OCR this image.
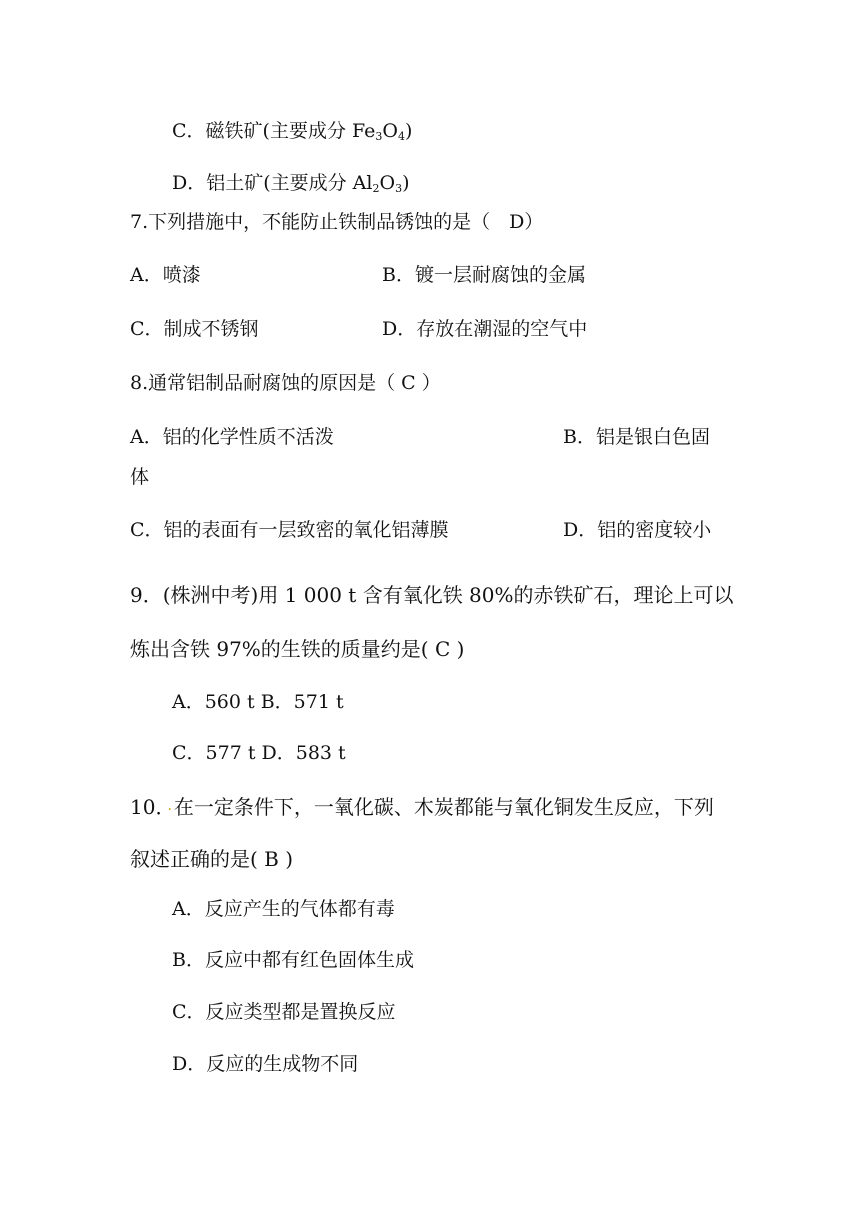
C．磁铁矿(主要成分 $Fe_3O_4$)
D．铝土矿(主要成分 $Al_2O_3$)
7.下列措施中，不能防止铁制品锈蚀的是（　D）
A．喷漆	B．镀一层耐腐蚀的金属
C．制成不锈钢	D．存放在潮湿的空气中
8.通常铝制品耐腐蚀的原因是（ C ）
A．铝的化学性质不活泼	B．铝是银白色固
体
C．铝的表面有一层致密的氧化铝薄膜	D．铝的密度较小
9．(株洲中考)用 1 000 t 含有氧化铁 80%的赤铁矿石，理论上可以
炼出含铁 97%的生铁的质量约是( C )
A．560 t B．571 t
C．577 t D．583 t
10． · 在一定条件下，一氧化碳、木炭都能与氧化铜发生反应，下列
叙述正确的是( B )
A．反应产生的气体都有毒
B．反应中都有红色固体生成
C．反应类型都是置换反应
D．反应的生成物不同
